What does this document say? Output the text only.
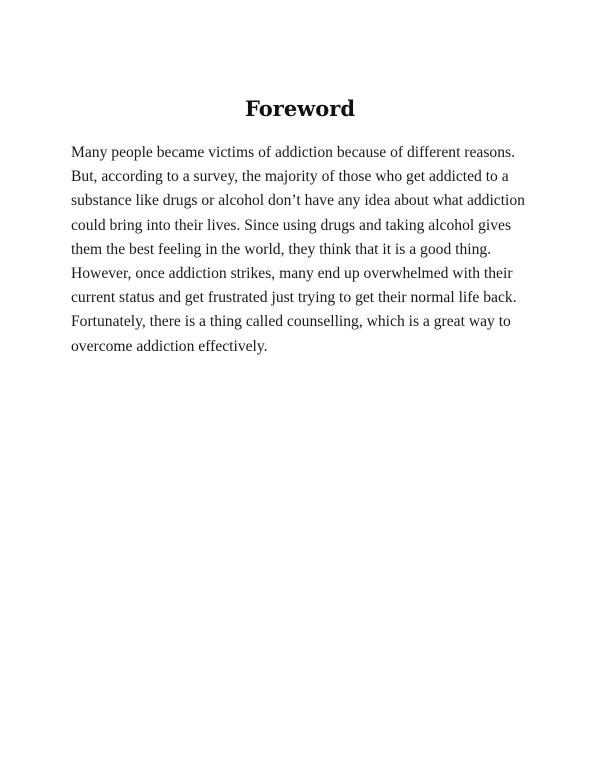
Foreword

Many people became victims of addiction because of different reasons. But, according to a survey, the majority of those who get addicted to a substance like drugs or alcohol don’t have any idea about what addiction could bring into their lives. Since using drugs and taking alcohol gives them the best feeling in the world, they think that it is a good thing. However, once addiction strikes, many end up overwhelmed with their current status and get frustrated just trying to get their normal life back. Fortunately, there is a thing called counselling, which is a great way to overcome addiction effectively.
